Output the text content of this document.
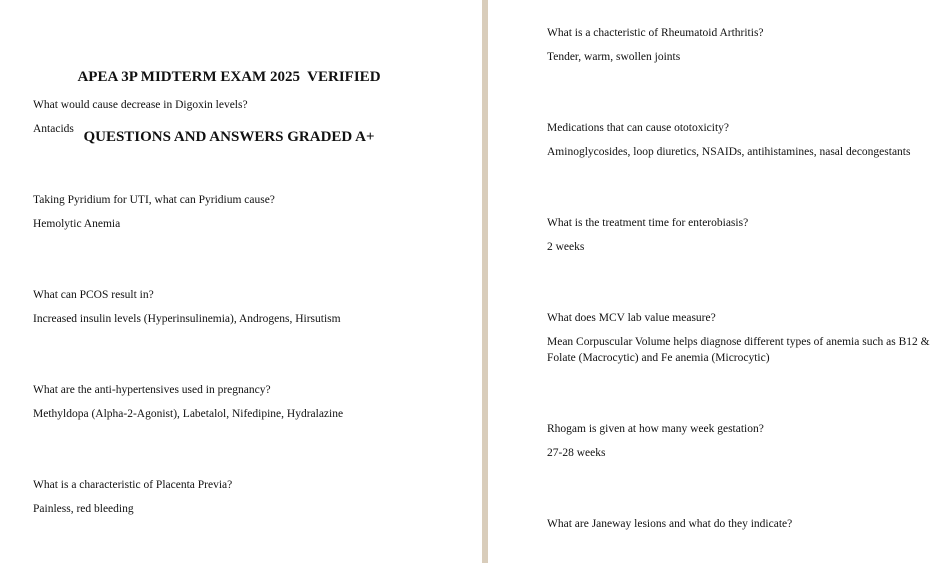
APEA 3P MIDTERM EXAM 2025  VERIFIED

QUESTIONS AND ANSWERS GRADED A+

What would cause decrease in Digoxin levels?

Antacids

Taking Pyridium for UTI, what can Pyridium cause?

Hemolytic Anemia

What can PCOS result in?

Increased insulin levels (Hyperinsulinemia), Androgens, Hirsutism

What are the anti-hypertensives used in pregnancy?

Methyldopa (Alpha-2-Agonist), Labetalol, Nifedipine, Hydralazine

What is a characteristic of Placenta Previa?

Painless, red bleeding

What is a chacteristic of Rheumatoid Arthritis?

Tender, warm, swollen joints

Medications that can cause ototoxicity?

Aminoglycosides, loop diuretics, NSAIDs, antihistamines, nasal decongestants

What is the treatment time for enterobiasis?

2 weeks

What does MCV lab value measure?

Mean Corpuscular Volume helps diagnose different types of anemia such as B12 & Folate (Macrocytic) and Fe anemia (Microcytic)

Rhogam is given at how many week gestation?

27-28 weeks

What are Janeway lesions and what do they indicate?
